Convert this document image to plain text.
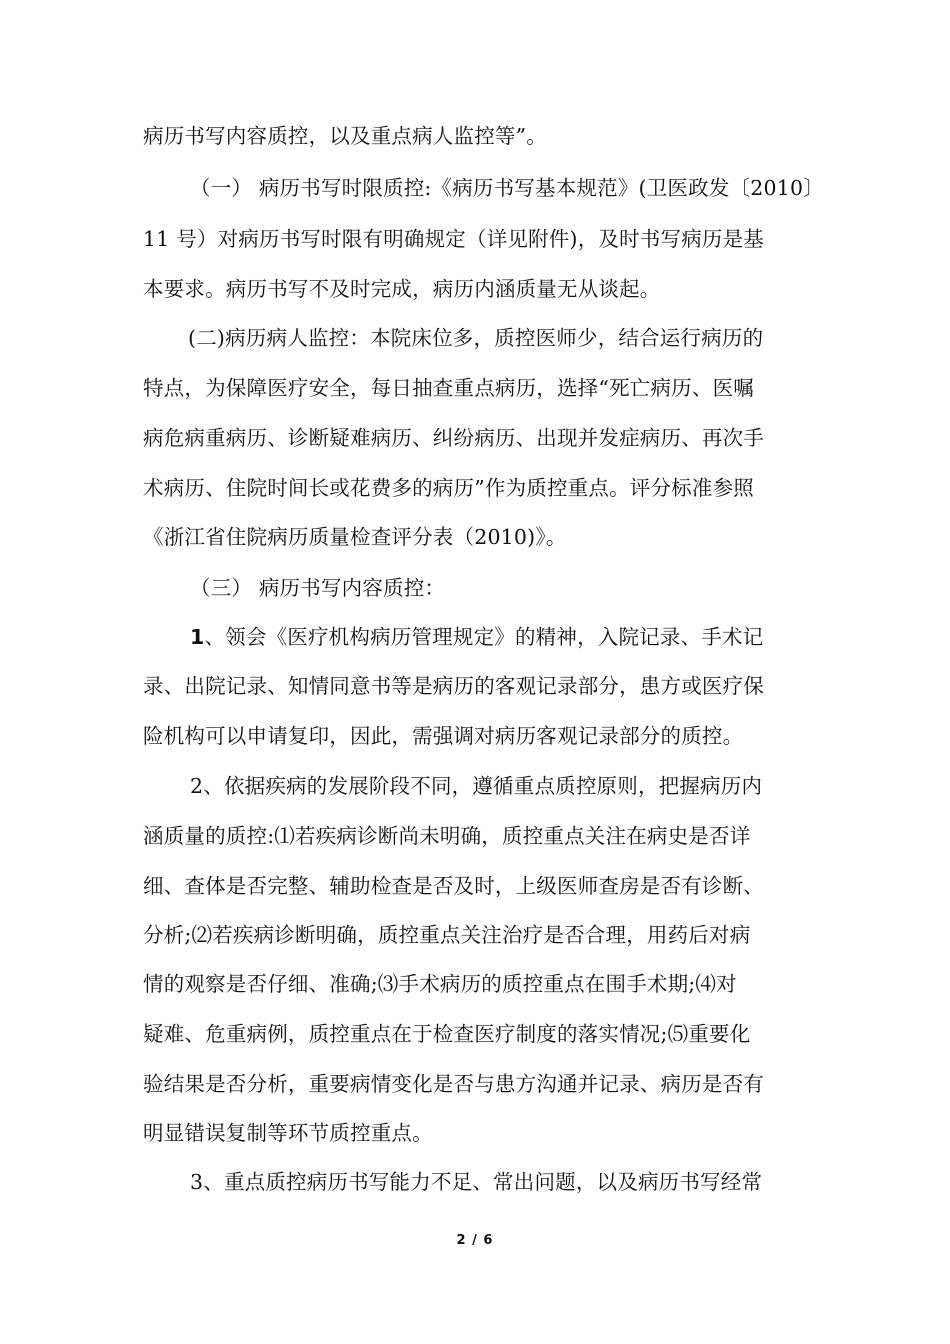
病历书写内容质控，以及重点病人监控等”。
（一） 病历书写时限质控:《病历书写基本规范》(卫医政发〔2010〕
11 号）对病历书写时限有明确规定（详见附件)，及时书写病历是基
本要求。病历书写不及时完成，病历内涵质量无从谈起。
(二)病历病人监控：本院床位多，质控医师少，结合运行病历的
特点，为保障医疗安全，每日抽查重点病历，选择“死亡病历、医嘱
病危病重病历、诊断疑难病历、纠纷病历、出现并发症病历、再次手
术病历、住院时间长或花费多的病历”作为质控重点。评分标准参照
《浙江省住院病历质量检查评分表（2010)》。
（三） 病历书写内容质控：
1、领会《医疗机构病历管理规定》的精神，入院记录、手术记
录、出院记录、知情同意书等是病历的客观记录部分，患方或医疗保
险机构可以申请复印，因此，需强调对病历客观记录部分的质控。
2、依据疾病的发展阶段不同，遵循重点质控原则，把握病历内
涵质量的质控:⑴若疾病诊断尚未明确，质控重点关注在病史是否详
细、查体是否完整、辅助检查是否及时，上级医师查房是否有诊断、
分析;⑵若疾病诊断明确，质控重点关注治疗是否合理，用药后对病
情的观察是否仔细、准确;⑶手术病历的质控重点在围手术期;⑷对
疑难、危重病例，质控重点在于检查医疗制度的落实情况;⑸重要化
验结果是否分析，重要病情变化是否与患方沟通并记录、病历是否有
明显错误复制等环节质控重点。
3、重点质控病历书写能力不足、常出问题，以及病历书写经常
2 / 6
